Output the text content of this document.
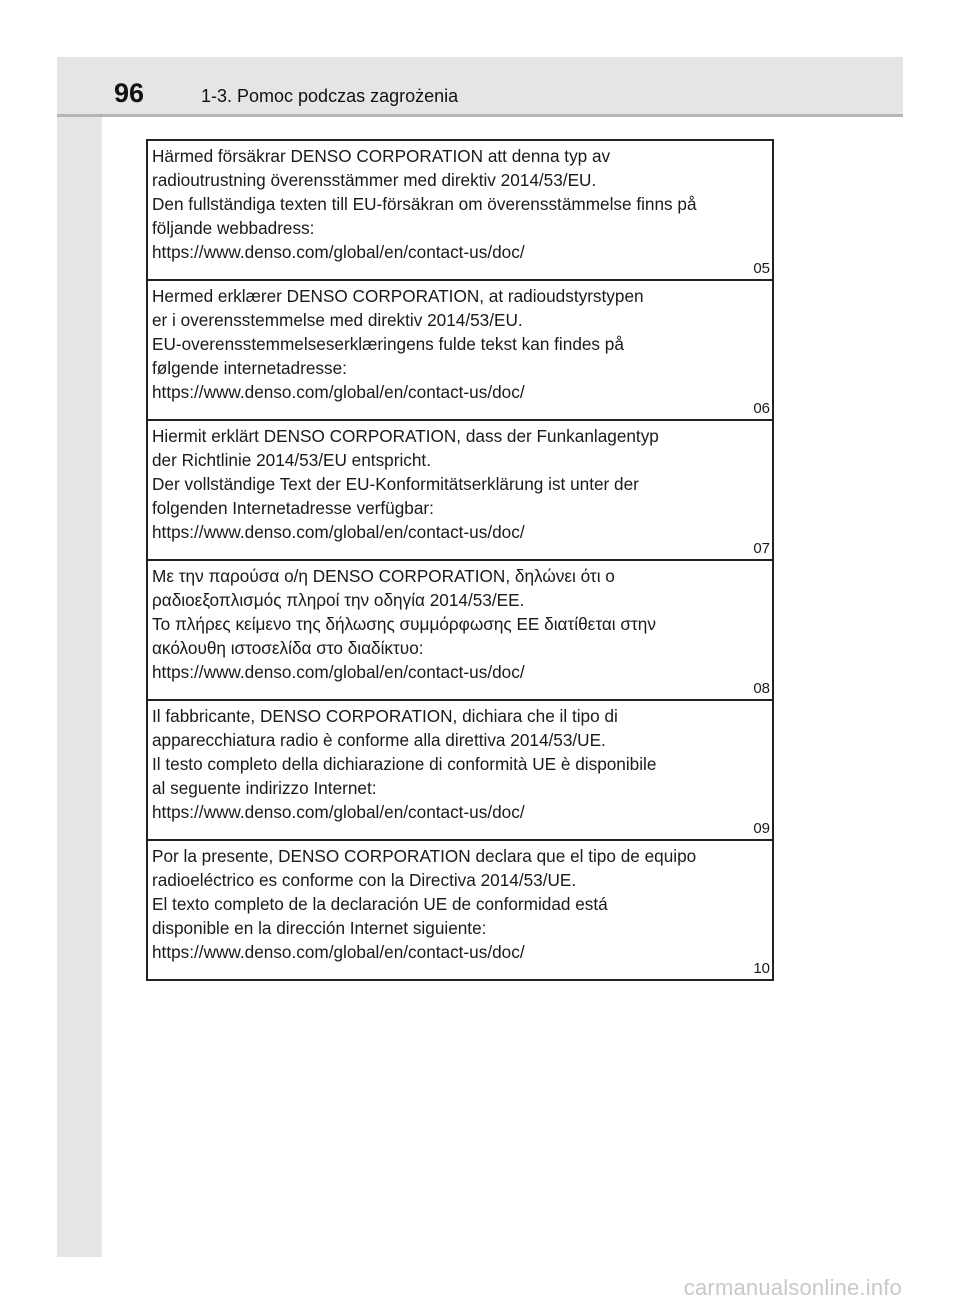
96	1-3. Pomoc podczas zagrożenia

Härmed försäkrar DENSO CORPORATION att denna typ av

radioutrustning överensstämmer med direktiv 2014/53/EU.

Den fullständiga texten till EU-försäkran om överensstämmelse finns på

följande webbadress:

https://www.denso.com/global/en/contact-us/doc/

05

Hermed erklærer DENSO CORPORATION, at radioudstyrstypen

er i overensstemmelse med direktiv 2014/53/EU.

EU-overensstemmelseserklæringens fulde tekst kan findes på

følgende internetadresse:

https://www.denso.com/global/en/contact-us/doc/

06

Hiermit erklärt DENSO CORPORATION, dass der Funkanlagentyp

der Richtlinie 2014/53/EU entspricht.

Der vollständige Text der EU-Konformitätserklärung ist unter der

folgenden Internetadresse verfügbar:

https://www.denso.com/global/en/contact-us/doc/

07

Με την παρούσα ο/η DENSO CORPORATION, δηλώνει ότι ο

ραδιοεξοπλισμός πληροί την οδηγία 2014/53/ΕΕ.

Το πλήρες κείμενο της δήλωσης συμμόρφωσης ΕΕ διατίθεται στην

ακόλουθη ιστοσελίδα στο διαδίκτυο:

https://www.denso.com/global/en/contact-us/doc/

08

Il fabbricante, DENSO CORPORATION, dichiara che il tipo di

apparecchiatura radio è conforme alla direttiva 2014/53/UE.

Il testo completo della dichiarazione di conformità UE è disponibile

al seguente indirizzo Internet:

https://www.denso.com/global/en/contact-us/doc/

09

Por la presente, DENSO CORPORATION declara que el tipo de equipo

radioeléctrico es conforme con la Directiva 2014/53/UE.

El texto completo de la declaración UE de conformidad está

disponible en la dirección Internet siguiente:

https://www.denso.com/global/en/contact-us/doc/

10
carmanualsonline.info
